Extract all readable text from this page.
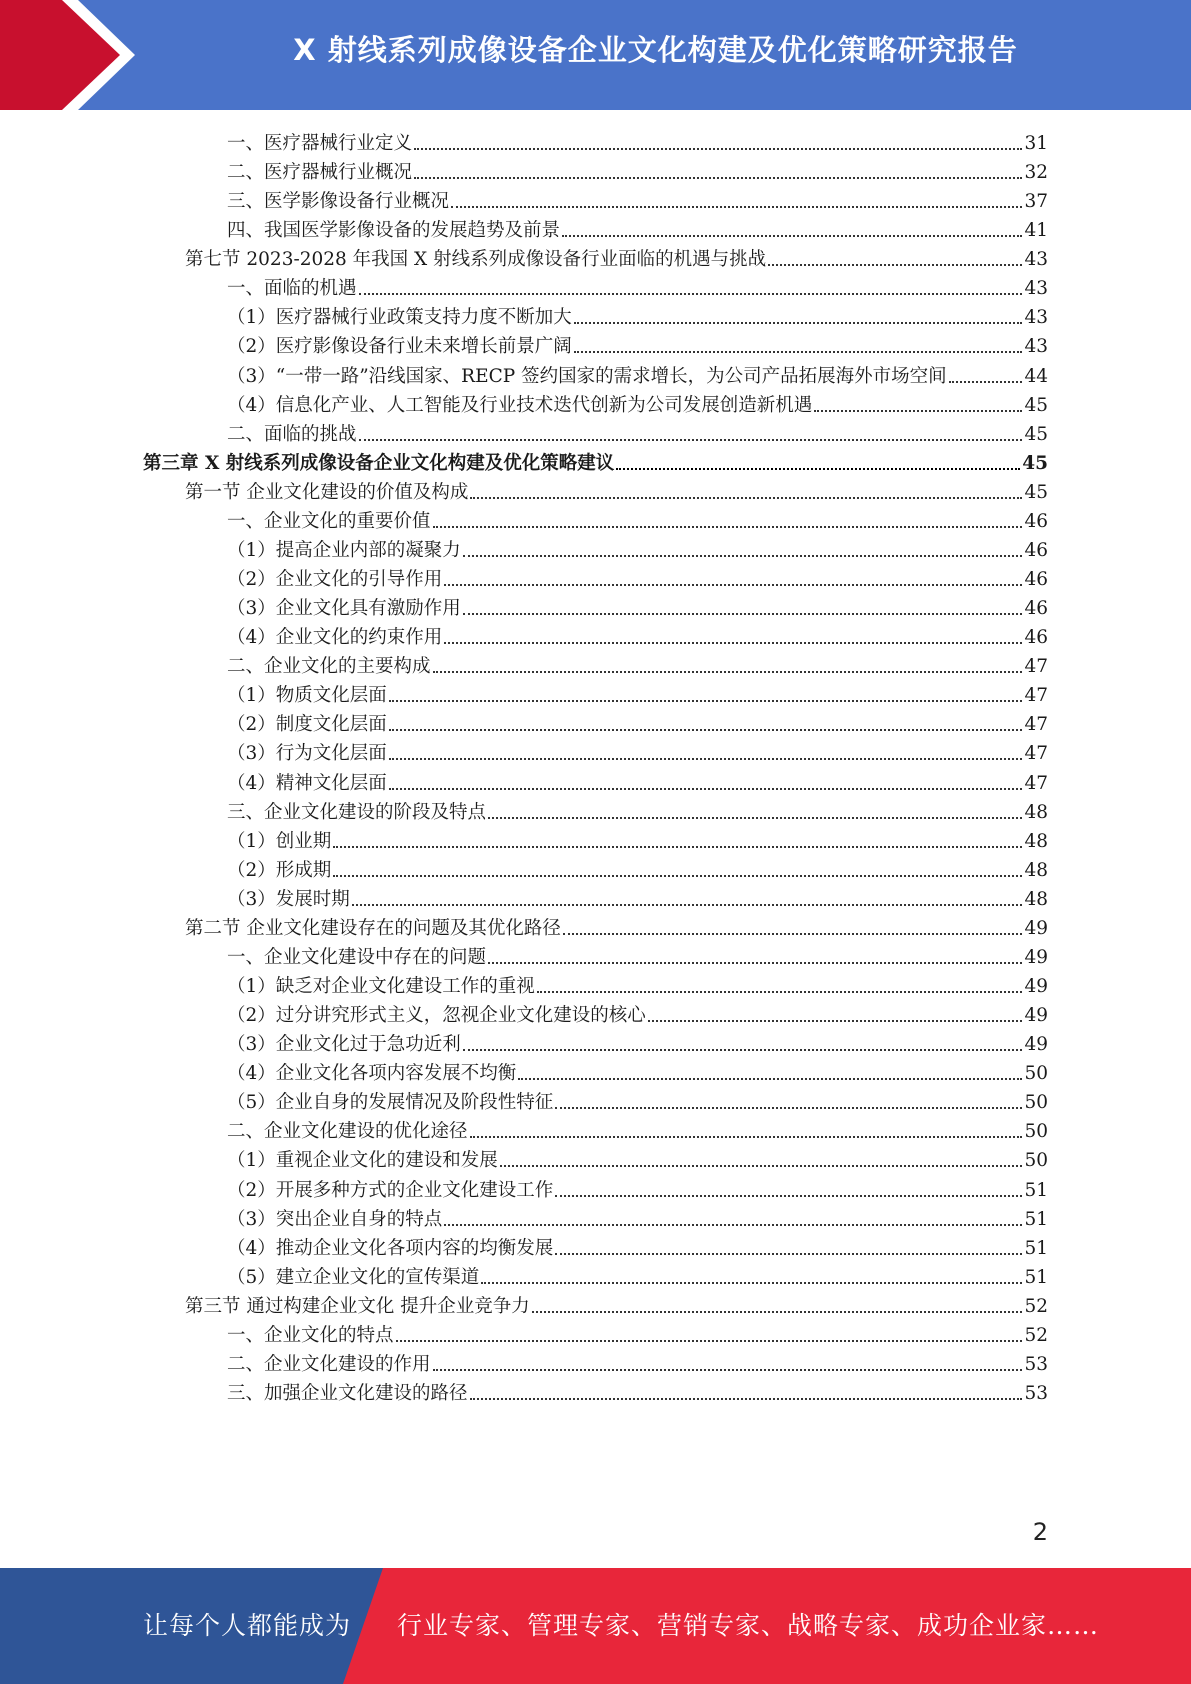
X 射线系列成像设备企业文化构建及优化策略研究报告
一、医疗器械行业定义	31
二、医疗器械行业概况	32
三、医学影像设备行业概况	37
四、我国医学影像设备的发展趋势及前景	41
第七节 2023-2028 年我国 X 射线系列成像设备行业面临的机遇与挑战	43
一、面临的机遇	43
（1）医疗器械行业政策支持力度不断加大	43
（2）医疗影像设备行业未来增长前景广阔	43
（3）“一带一路”沿线国家、RECP 签约国家的需求增长，为公司产品拓展海外市场空间	44
（4）信息化产业、人工智能及行业技术迭代创新为公司发展创造新机遇	45
二、面临的挑战	45
第三章 X 射线系列成像设备企业文化构建及优化策略建议	45
第一节 企业文化建设的价值及构成	45
一、企业文化的重要价值	46
（1）提高企业内部的凝聚力	46
（2）企业文化的引导作用	46
（3）企业文化具有激励作用	46
（4）企业文化的约束作用	46
二、企业文化的主要构成	47
（1）物质文化层面	47
（2）制度文化层面	47
（3）行为文化层面	47
（4）精神文化层面	47
三、企业文化建设的阶段及特点	48
（1）创业期	48
（2）形成期	48
（3）发展时期	48
第二节 企业文化建设存在的问题及其优化路径	49
一、企业文化建设中存在的问题	49
（1）缺乏对企业文化建设工作的重视	49
（2）过分讲究形式主义，忽视企业文化建设的核心	49
（3）企业文化过于急功近利	49
（4）企业文化各项内容发展不均衡	50
（5）企业自身的发展情况及阶段性特征	50
二、企业文化建设的优化途径	50
（1）重视企业文化的建设和发展	50
（2）开展多种方式的企业文化建设工作	51
（3）突出企业自身的特点	51
（4）推动企业文化各项内容的均衡发展	51
（5）建立企业文化的宣传渠道	51
第三节 通过构建企业文化 提升企业竞争力	52
一、企业文化的特点	52
二、企业文化建设的作用	53
三、加强企业文化建设的路径	53
2
让每个人都能成为 行业专家、管理专家、营销专家、战略专家、成功企业家……
